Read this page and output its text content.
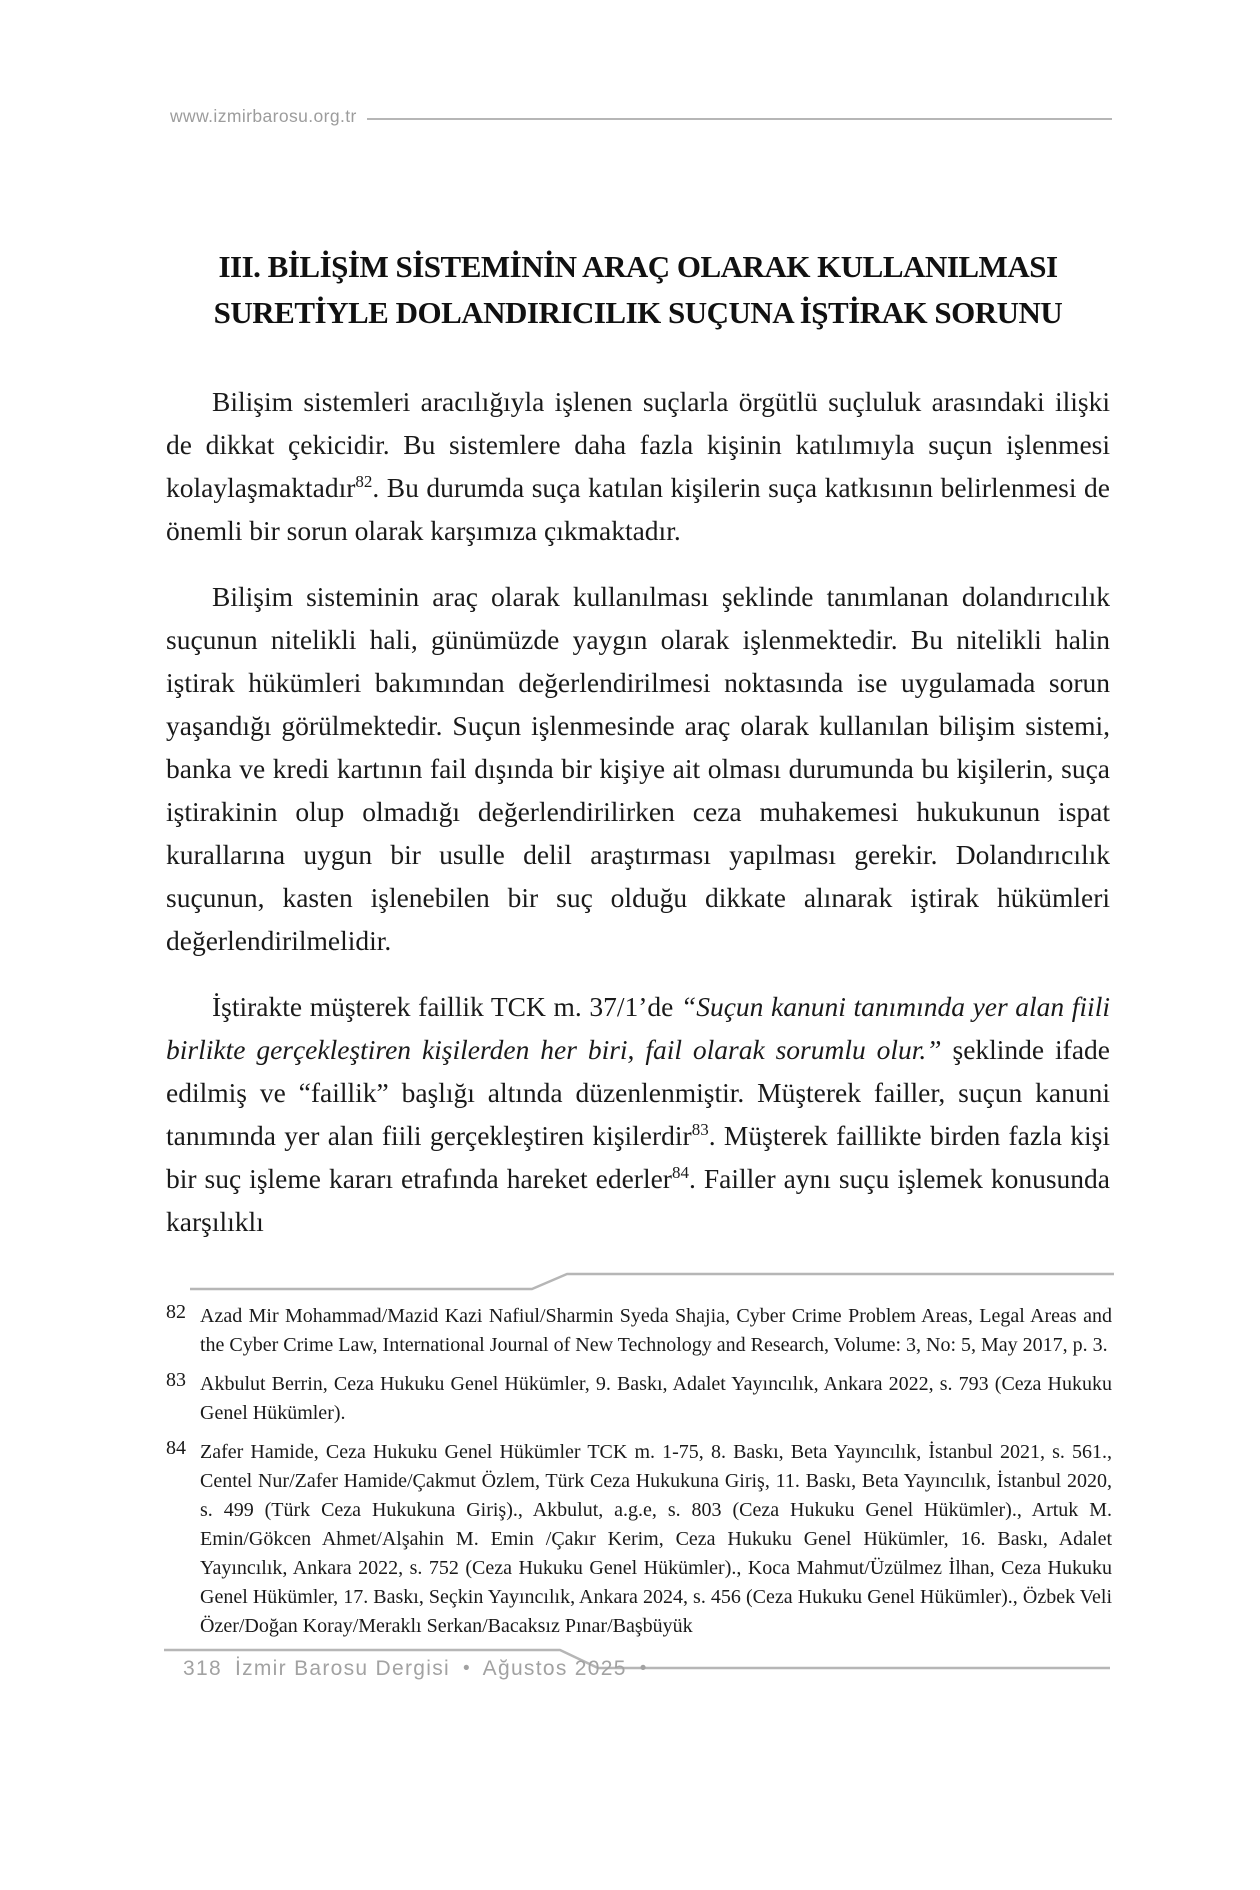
www.izmirbarosu.org.tr
III. BİLİŞİM SİSTEMİNİN ARAÇ OLARAK KULLANILMASI
SURETİYLE DOLANDIRICILIK SUÇUNA İŞTİRAK SORUNU

Bilişim sistemleri aracılığıyla işlenen suçlarla örgütlü suçluluk arasındaki ilişki de dikkat çekicidir. Bu sistemlere daha fazla kişinin katılımıyla suçun işlenmesi kolaylaşmaktadır$^{82}$. Bu durumda suça katılan kişilerin suça katkısının belirlenmesi de önemli bir sorun olarak karşımıza çıkmaktadır.

Bilişim sisteminin araç olarak kullanılması şeklinde tanımlanan dolandırıcılık suçunun nitelikli hali, günümüzde yaygın olarak işlenmektedir. Bu nitelikli halin iştirak hükümleri bakımından değerlendirilmesi noktasında ise uygulamada sorun yaşandığı görülmektedir. Suçun işlenmesinde araç olarak kullanılan bilişim sistemi, banka ve kredi kartının fail dışında bir kişiye ait olması durumunda bu kişilerin, suça iştirakinin olup olmadığı değerlendirilirken ceza muhakemesi hukukunun ispat kurallarına uygun bir usulle delil araştırması yapılması gerekir. Dolandırıcılık suçunun, kasten işlenebilen bir suç olduğu dikkate alınarak iştirak hükümleri değerlendirilmelidir.

İştirakte müşterek faillik TCK m. 37/1’de “Suçun kanuni tanımında yer alan fiili birlikte gerçekleştiren kişilerden her biri, fail olarak sorumlu olur.” şeklinde ifade edilmiş ve “faillik” başlığı altında düzenlenmiştir. Müşterek failler, suçun kanuni tanımında yer alan fiili gerçekleştiren kişilerdir$^{83}$. Müşterek faillikte birden fazla kişi bir suç işleme kararı etrafında hareket ederler$^{84}$. Failler aynı suçu işlemek konusunda karşılıklı

82 Azad Mir Mohammad/Mazid Kazi Nafiul/Sharmin Syeda Shajia, Cyber Crime Problem Areas, Legal Areas and the Cyber Crime Law, International Journal of New Technology and Research, Volume: 3, No: 5, May 2017, p. 3.
83 Akbulut Berrin, Ceza Hukuku Genel Hükümler, 9. Baskı, Adalet Yayıncılık, Ankara 2022, s. 793 (Ceza Hukuku Genel Hükümler).
84 Zafer Hamide, Ceza Hukuku Genel Hükümler TCK m. 1-75, 8. Baskı, Beta Yayıncılık, İstanbul 2021, s. 561., Centel Nur/Zafer Hamide/Çakmut Özlem, Türk Ceza Hukukuna Giriş, 11. Baskı, Beta Yayıncılık, İstanbul 2020, s. 499 (Türk Ceza Hukukuna Giriş)., Akbulut, a.g.e, s. 803 (Ceza Hukuku Genel Hükümler)., Artuk M. Emin/Gökcen Ahmet/Alşahin M. Emin /Çakır Kerim, Ceza Hukuku Genel Hükümler, 16. Baskı, Adalet Yayıncılık, Ankara 2022, s. 752 (Ceza Hukuku Genel Hükümler)., Koca Mahmut/Üzülmez İlhan, Ceza Hukuku Genel Hükümler, 17. Baskı, Seçkin Yayıncılık, Ankara 2024, s. 456 (Ceza Hukuku Genel Hükümler)., Özbek Veli Özer/Doğan Koray/Meraklı Serkan/Bacaksız Pınar/Başbüyük
318 İzmir Barosu Dergisi • Ağustos 2025 •
